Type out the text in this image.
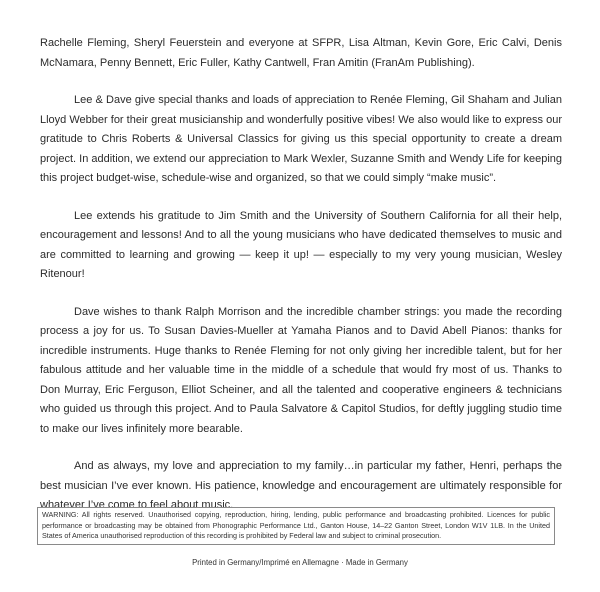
Rachelle Fleming, Sheryl Feuerstein and everyone at SFPR, Lisa Altman, Kevin Gore, Eric Calvi, Denis McNamara, Penny Bennett, Eric Fuller, Kathy Cantwell, Fran Amitin (FranAm Publishing).

Lee & Dave give special thanks and loads of appreciation to Renée Fleming, Gil Shaham and Julian Lloyd Webber for their great musicianship and wonderfully positive vibes! We also would like to express our gratitude to Chris Roberts & Universal Classics for giving us this special opportunity to create a dream project. In addition, we extend our appreciation to Mark Wexler, Suzanne Smith and Wendy Life for keeping this project budget-wise, schedule-wise and organized, so that we could simply “make music”.

Lee extends his gratitude to Jim Smith and the University of Southern California for all their help, encouragement and lessons! And to all the young musicians who have dedicated themselves to music and are committed to learning and growing — keep it up! — especially to my very young musician, Wesley Ritenour!

Dave wishes to thank Ralph Morrison and the incredible chamber strings: you made the recording process a joy for us. To Susan Davies-Mueller at Yamaha Pianos and to David Abell Pianos: thanks for incredible instruments. Huge thanks to Renée Fleming for not only giving her incredible talent, but for her fabulous attitude and her valuable time in the middle of a schedule that would fry most of us. Thanks to Don Murray, Eric Ferguson, Elliot Scheiner, and all the talented and cooperative engineers & technicians who guided us through this project. And to Paula Salvatore & Capitol Studios, for deftly juggling studio time to make our lives infinitely more bearable.

And as always, my love and appreciation to my family…in particular my father, Henri, perhaps the best musician I’ve ever known. His patience, knowledge and encouragement are ultimately responsible for whatever I’ve come to feel about music.

WARNING: All rights reserved. Unauthorised copying, reproduction, hiring, lending, public performance and broadcasting prohibited. Licences for public performance or broadcasting may be obtained from Phonographic Performance Ltd., Ganton House, 14–22 Ganton Street, London W1V 1LB. In the United States of America unauthorised reproduction of this recording is prohibited by Federal law and subject to criminal prosecution.
Printed in Germany/Imprimé en Allemagne · Made in Germany
